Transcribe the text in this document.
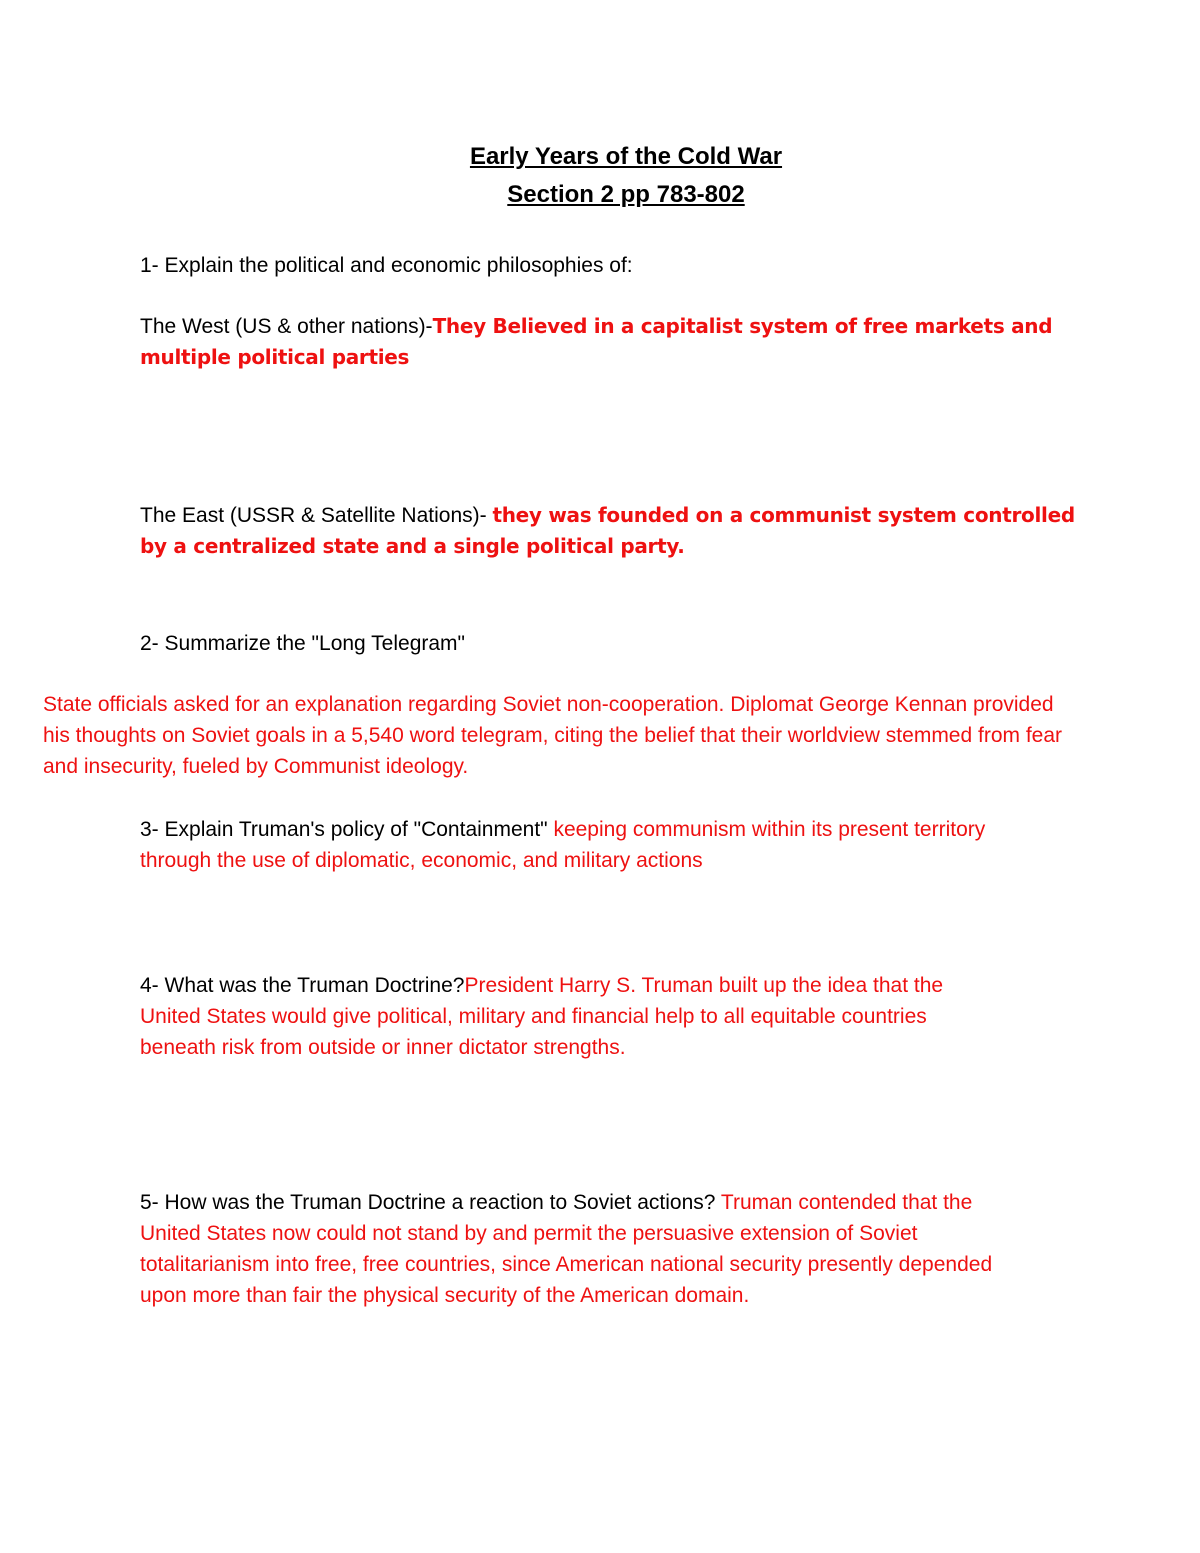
Early Years of the Cold War
Section 2 pp 783-802
1- Explain the political and economic philosophies of:
The West (US & other nations)-They Believed in a capitalist system of free markets and
multiple political parties
The East (USSR & Satellite Nations)- they was founded on a communist system controlled
by a centralized state and a single political party.
2- Summarize the "Long Telegram"
State officials asked for an explanation regarding Soviet non-cooperation. Diplomat George Kennan provided
his thoughts on Soviet goals in a 5,540 word telegram, citing the belief that their worldview stemmed from fear
and insecurity, fueled by Communist ideology.
3- Explain Truman's policy of "Containment" keeping communism within its present territory
through the use of diplomatic, economic, and military actions
4- What was the Truman Doctrine?President Harry S. Truman built up the idea that the
United States would give political, military and financial help to all equitable countries
beneath risk from outside or inner dictator strengths.
5- How was the Truman Doctrine a reaction to Soviet actions? Truman contended that the
United States now could not stand by and permit the persuasive extension of Soviet
totalitarianism into free, free countries, since American national security presently depended
upon more than fair the physical security of the American domain.
